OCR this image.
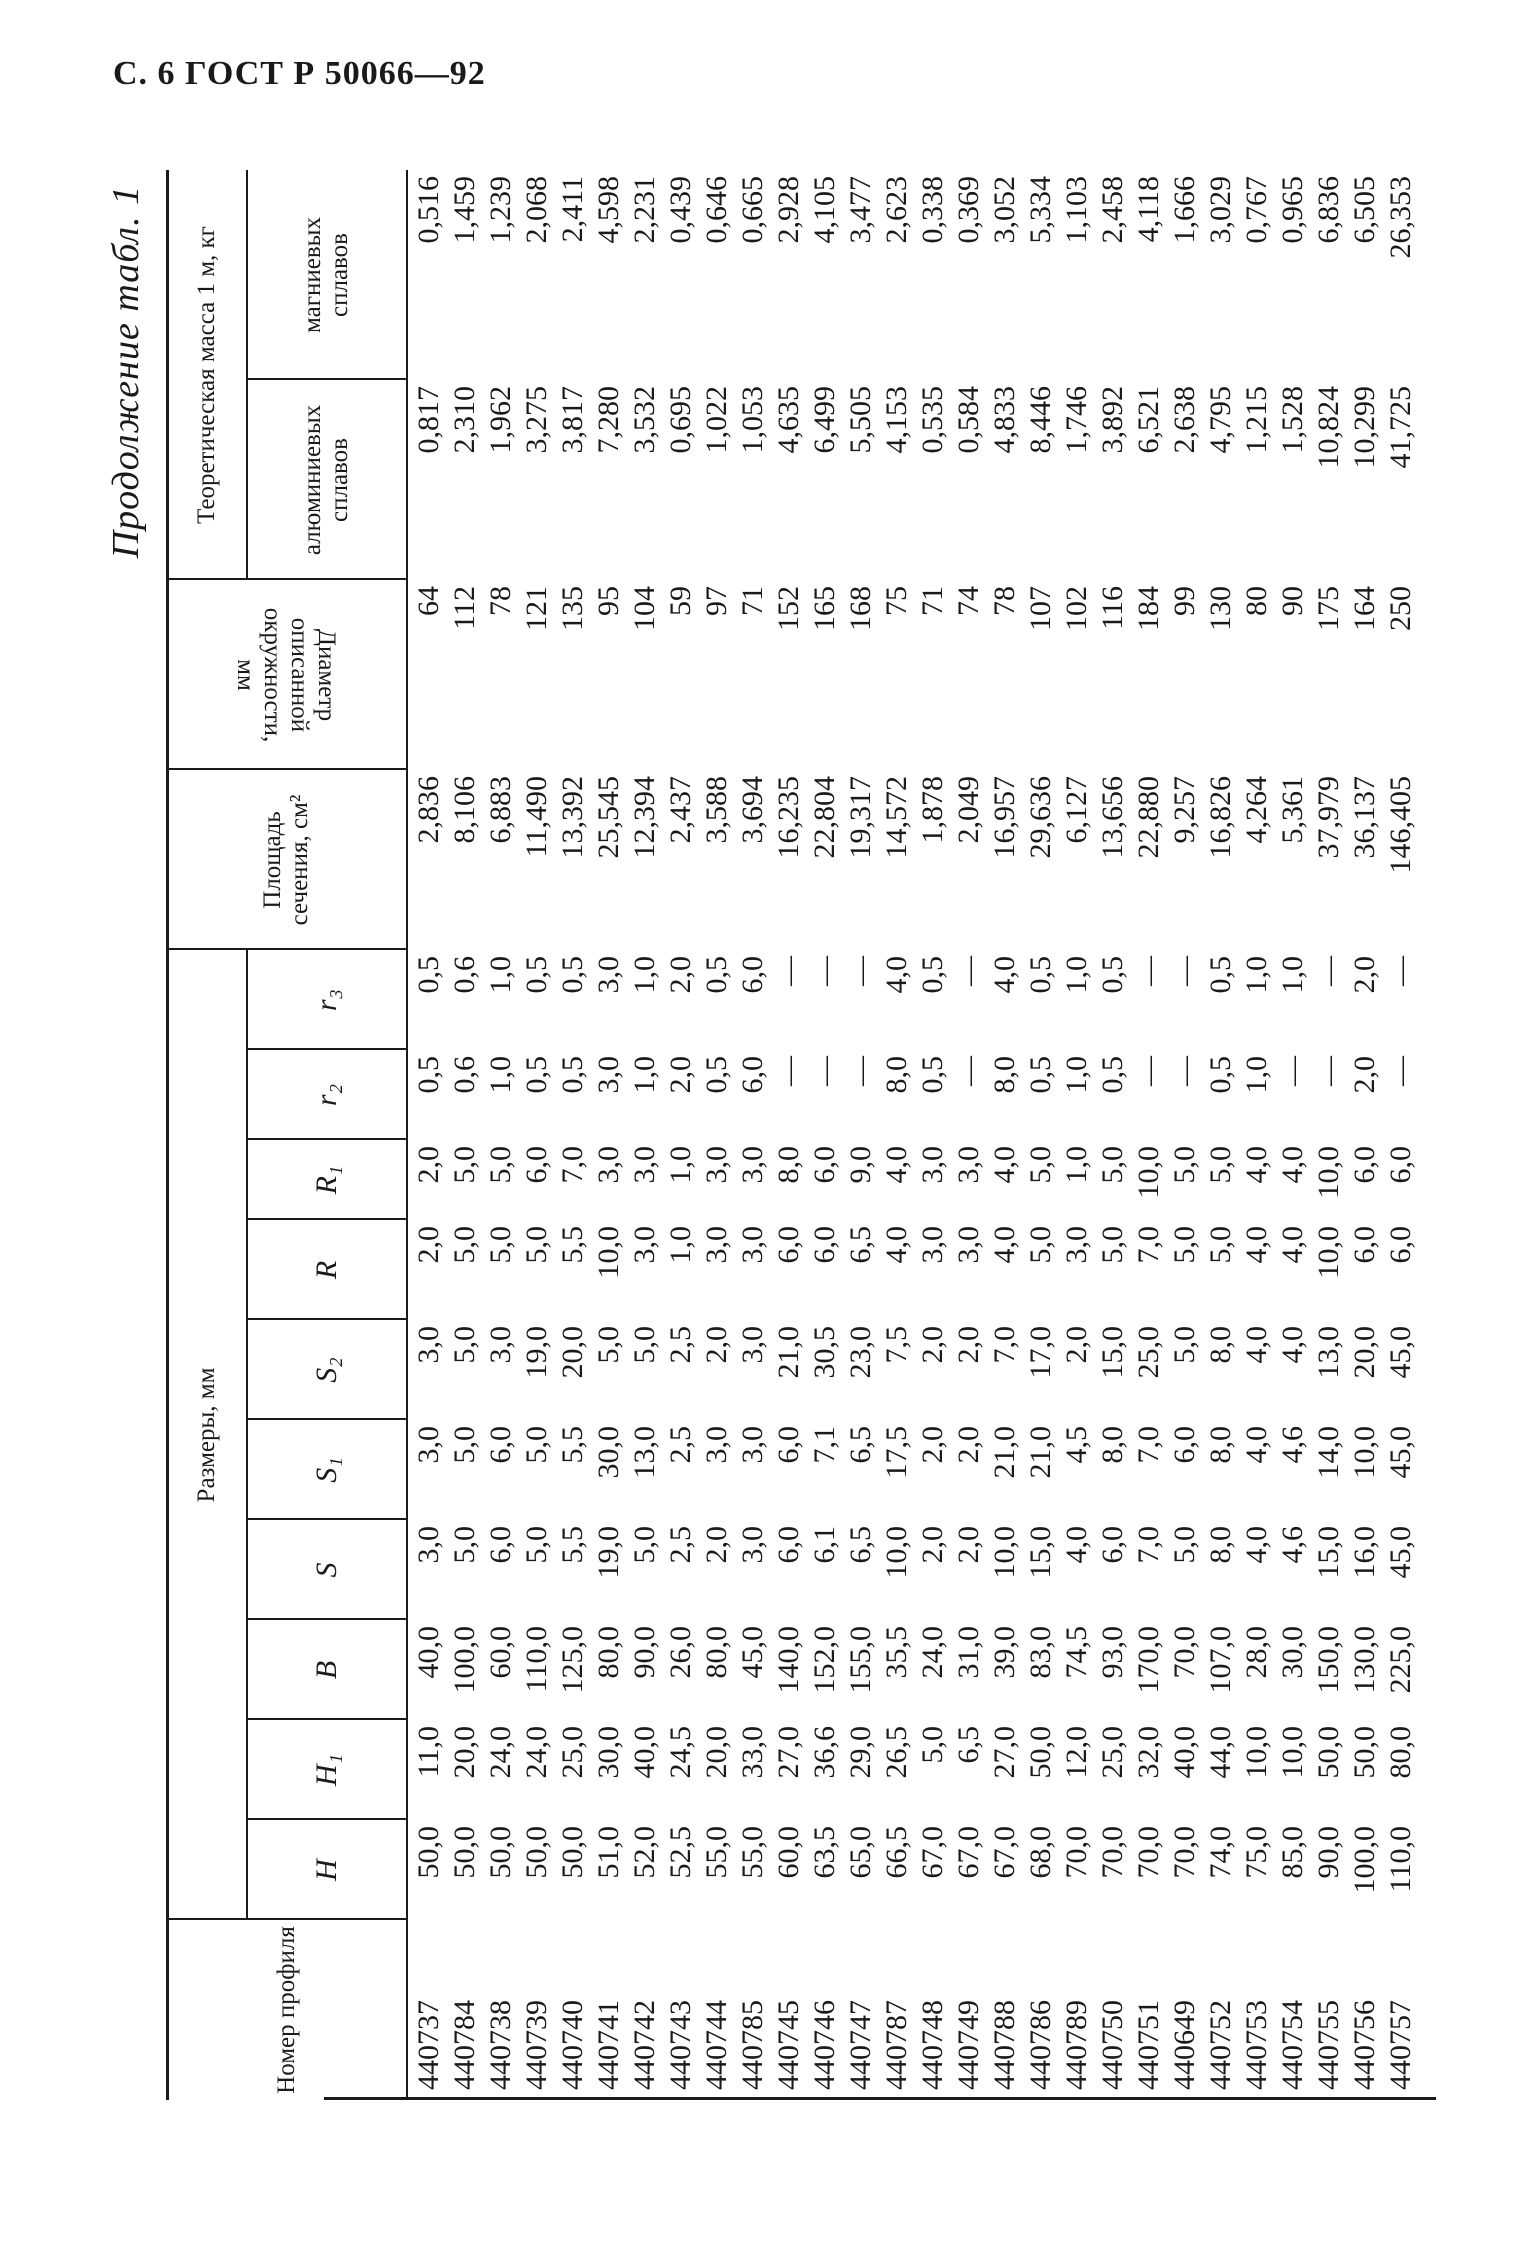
С. 6 ГОСТ Р 50066—92
Продолжение табл. 1
Номер профиля
Размеры, мм
H
H₁
B
S
S₁
S₂
R
R₁
r₂
r₃
Площадь сечения, см²
Диаметр описанной окружности, мм
Теоретическая масса 1 м, кг	алюминиевых сплавов
магниевых сплавов
440737 440784 440738 440739 440740 440741 440742 440743 440744 440785 440745 440746 440747 440787 440748 440749 440788 440786 440789 440750 440751 440649 440752 440753 440754 440755 440756 440757
50,0 50,0 50,0 50,0 50,0 51,0 52,0 52,5 55,0 55,0 60,0 63,5 65,0 66,5 67,0 67,0 67,0 68,0 70,0 70,0 70,0 70,0 74,0 75,0 85,0 90,0 100,0 110,0
11,0 20,0 24,0 24,0 25,0 30,0 40,0 24,5 20,0 33,0 27,0 36,6 29,0 26,5 5,0 6,5 27,0 50,0 12,0 25,0 32,0 40,0 44,0 10,0 10,0 50,0 50,0 80,0
40,0 100,0 60,0 110,0 125,0 80,0 90,0 26,0 80,0 45,0 140,0 152,0 155,0 35,5 24,0 31,0 39,0 83,0 74,5 93,0 170,0 70,0 107,0 28,0 30,0 150,0 130,0 225,0
3,0 5,0 6,0 5,0 5,5 19,0 5,0 2,5 2,0 3,0 6,0 6,1 6,5 10,0 2,0 2,0 10,0 15,0 4,0 6,0 7,0 5,0 8,0 4,0 4,6 15,0 16,0 45,0
3,0 5,0 6,0 5,0 5,5 30,0 13,0 2,5 3,0 3,0 6,0 7,1 6,5 17,5 2,0 2,0 21,0 21,0 4,5 8,0 7,0 6,0 8,0 4,0 4,6 14,0 10,0 45,0
3,0 5,0 3,0 19,0 20,0 5,0 5,0 2,5 2,0 3,0 21,0 30,5 23,0 7,5 2,0 2,0 7,0 17,0 2,0 15,0 25,0 5,0 8,0 4,0 4,0 13,0 20,0 45,0
2,0 5,0 5,0 5,0 5,5 10,0 3,0 1,0 3,0 3,0 6,0 6,0 6,5 4,0 3,0 3,0 4,0 5,0 3,0 5,0 7,0 5,0 5,0 4,0 4,0 10,0 6,0 6,0
2,0 5,0 5,0 6,0 7,0 3,0 3,0 1,0 3,0 3,0 8,0 6,0 9,0 4,0 3,0 3,0 4,0 5,0 1,0 5,0 10,0 5,0 5,0 4,0 4,0 10,0 6,0 6,0
0,5 0,6 1,0 0,5 0,5 3,0 1,0 2,0 0,5 6,0 — — — 8,0 0,5 — 8,0 0,5 1,0 0,5 — — 0,5 1,0 — — 2,0 —
0,5 0,6 1,0 0,5 0,5 3,0 1,0 2,0 0,5 6,0 — — — 4,0 0,5 — 4,0 0,5 1,0 0,5 — — 0,5 1,0 1,0 — 2,0 —
2,836 8,106 6,883 11,490 13,392 25,545 12,394 2,437 3,588 3,694 16,235 22,804 19,317 14,572 1,878 2,049 16,957 29,636 6,127 13,656 22,880 9,257 16,826 4,264 5,361 37,979 36,137 146,405
64 112 78 121 135 95 104 59 97 71 152 165 168 75 71 74 78 107 102 116 184 99 130 80 90 175 164 250
0,817 2,310 1,962 3,275 3,817 7,280 3,532 0,695 1,022 1,053 4,635 6,499 5,505 4,153 0,535 0,584 4,833 8,446 1,746 3,892 6,521 2,638 4,795 1,215 1,528 10,824 10,299 41,725
0,516 1,459 1,239 2,068 2,411 4,598 2,231 0,439 0,646 0,665 2,928 4,105 3,477 2,623 0,338 0,369 3,052 5,334 1,103 2,458 4,118 1,666 3,029 0,767 0,965 6,836 6,505 26,353
